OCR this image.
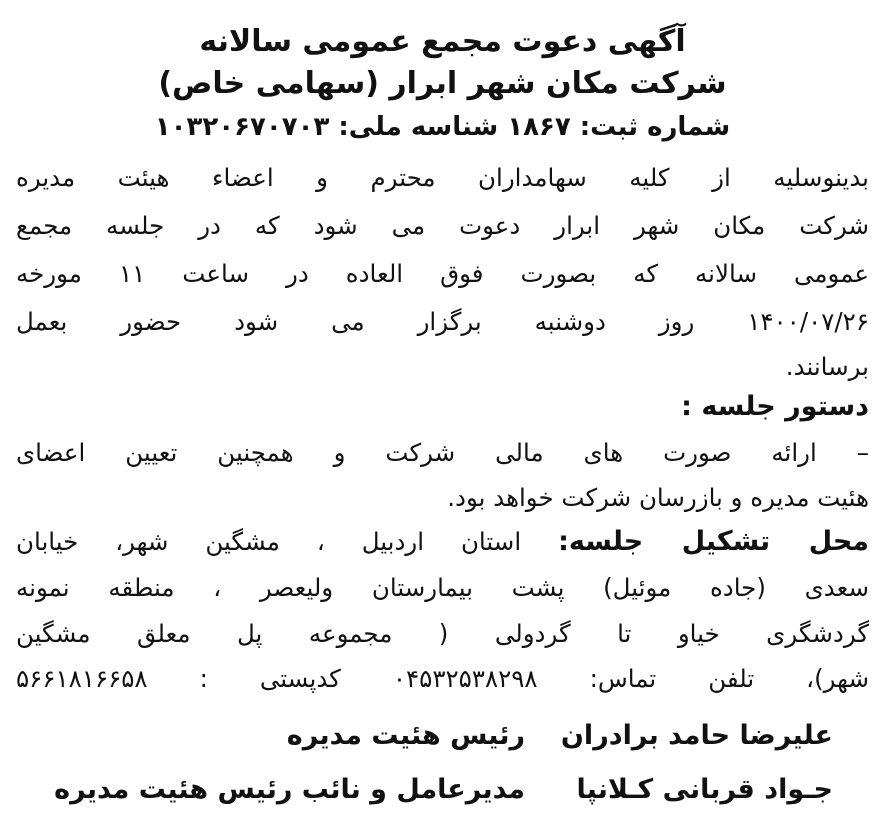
آگهی دعوت مجمع عمومی سالانه
شرکت مکان شهر ابرار (سهامی خاص)
شماره ثبت: ۱۸۶۷ شناسه ملی: ۱۰۳۲۰۶۷۰۷۰۳
بدینوسلیه از کلیه سهامداران محترم و اعضاء هیئت مدیره
شرکت مکان شهر ابرار دعوت می شود که در جلسه مجمع
عمومی سالانه که بصورت فوق العاده در ساعت ۱۱ مورخه
۱۴۰۰/۰۷/۲۶ روز دوشنبه برگزار می شود حضور بعمل
برسانند.
دستور جلسه :
– ارائه صورت های مالی شرکت و همچنین تعیین اعضای
هئیت مدیره و بازرسان شرکت خواهد بود.
محل تشکیل جلسه: استان اردبیل ، مشگین شهر، خیابان
سعدی (جاده موئیل) پشت بیمارستان ولیعصر ، منطقه نمونه
گردشگری خیاو تا گردولی ( مجموعه پل معلق مشگین
شهر)، تلفن تماس: ۰۴۵۳۲۵۳۸۲۹۸ کدپستی : ۵۶۶۱۸۱۶۶۵۸
علیرضا حامد برادران
رئیس هئیت مدیره
جـواد قربانی کـلانپا
مدیرعامل و نائب رئیس هئیت مدیره
